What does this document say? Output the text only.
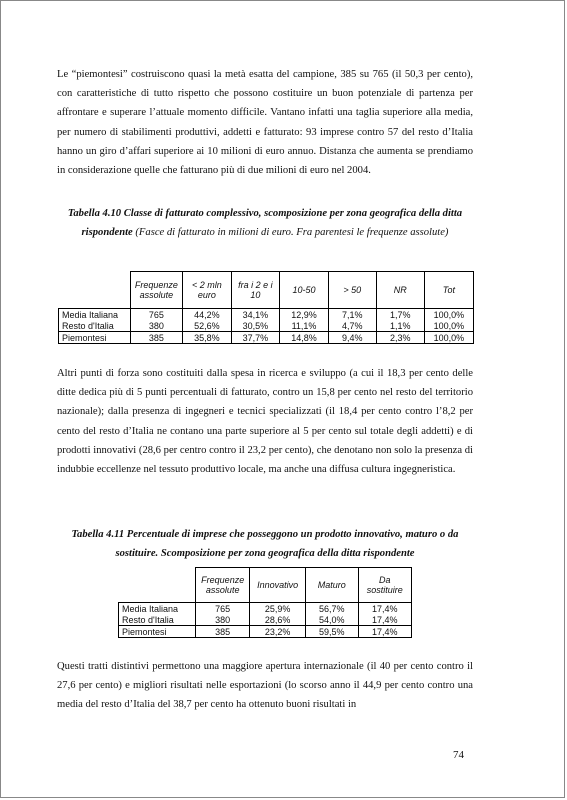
Le “piemontesi” costruiscono quasi la metà esatta del campione, 385 su 765 (il 50,3 per cento), con caratteristiche di tutto rispetto che possono costituire un buon potenziale di partenza per affrontare e superare l’attuale momento difficile. Vantano infatti una taglia superiore alla media, per numero di stabilimenti produttivi, addetti e fatturato: 93 imprese contro 57 del resto d’Italia hanno un giro d’affari superiore ai 10 milioni di euro annuo. Distanza che aumenta se prendiamo in considerazione quelle che fatturano più di due milioni di euro nel 2004.

Tabella 4.10 Classe di fatturato complessivo, scomposizione per zona geografica della ditta rispondente (Fasce di fatturato in milioni di euro. Fra parentesi le frequenze assolute)

	Frequenze assolute	< 2 mln euro	fra i 2 e i 10	10-50	> 50	NR	Tot
Media Italiana	765	44,2%	34,1%	12,9%	7,1%	1,7%	100,0%
Resto d'Italia	380	52,6%	30,5%	11,1%	4,7%	1,1%	100,0%
Piemontesi	385	35,8%	37,7%	14,8%	9,4%	2,3%	100,0%

Altri punti di forza sono costituiti dalla spesa in ricerca e sviluppo (a cui il 18,3 per cento delle ditte dedica più di 5 punti percentuali di fatturato, contro un 15,8 per cento nel resto del territorio nazionale); dalla presenza di ingegneri e tecnici specializzati (il 18,4 per cento contro l’8,2 per cento del resto d’Italia ne contano una parte superiore al 5 per cento sul totale degli addetti) e di prodotti innovativi (28,6 per centro contro il 23,2 per cento), che denotano non solo la presenza di indubbie eccellenze nel tessuto produttivo locale, ma anche una diffusa cultura ingegneristica.

Tabella 4.11 Percentuale di imprese che posseggono un prodotto innovativo, maturo o da sostituire. Scomposizione per zona geografica della ditta rispondente

	Frequenze assolute	Innovativo	Maturo	Da sostituire
Media Italiana	765	25,9%	56,7%	17,4%
Resto d'Italia	380	28,6%	54,0%	17,4%
Piemontesi	385	23,2%	59,5%	17,4%

Questi tratti distintivi permettono una maggiore apertura internazionale (il 40 per cento contro il 27,6 per cento) e migliori risultati nelle esportazioni (lo scorso anno il 44,9 per cento contro una media del resto d’Italia del 38,7 per cento ha ottenuto buoni risultati in

74
